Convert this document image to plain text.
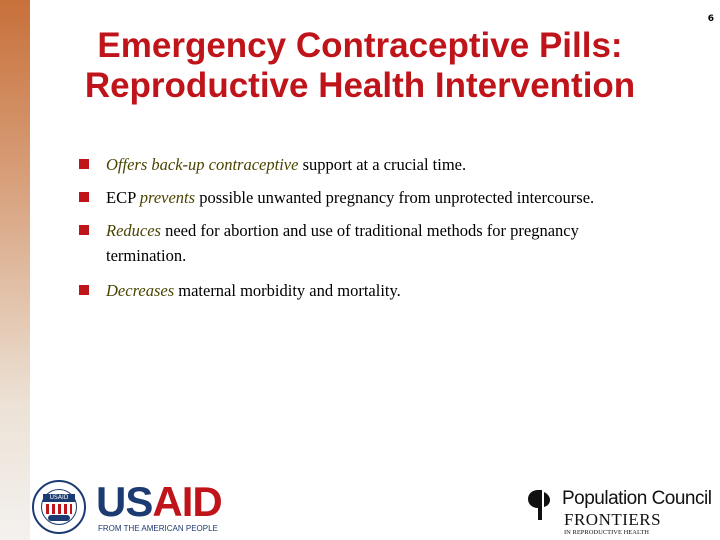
6
Emergency Contraceptive Pills:
Reproductive Health Intervention
Offers back-up contraceptive support at a crucial time.
ECP prevents possible unwanted pregnancy from unprotected intercourse.
Reduces need for abortion and use of traditional methods for pregnancy termination.
Decreases maternal morbidity and mortality.
USAID USAID
FROM THE AMERICAN PEOPLE
Population Council
FRONTIERS
IN REPRODUCTIVE HEALTH
